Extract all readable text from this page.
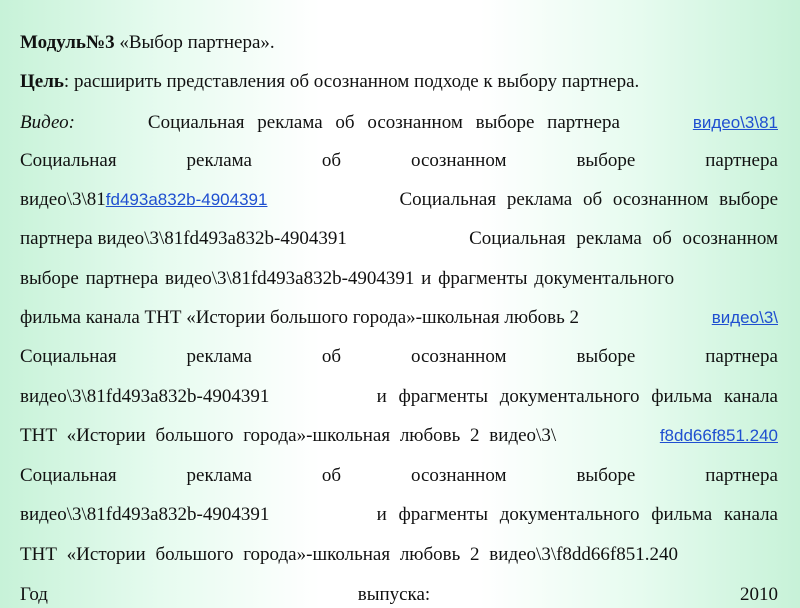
Модуль№3 «Выбор партнера».
Цель: расширить представления об осознанном подходе к выбору партнера.
Видео:	Социальная реклама об осознанном выборе партнера	видео\3\81
Социальная	реклама	об	осознанном	выборе	партнера
видео\3\81fd493a832b-4904391	Социальная реклама об осознанном выборе
партнера видео\3\81fd493a832b-4904391	Социальная реклама об осознанном
выборе партнера видео\3\81fd493a832b-4904391 и фрагменты документального
фильма канала ТНТ «Истории большого города»-школьная любовь 2	видео\3\
Социальная	реклама	об	осознанном	выборе	партнера
видео\3\81fd493a832b-4904391	и фрагменты документального фильма канала
ТНТ «Истории большого города»-школьная любовь 2 видео\3\	f8dd66f851.240
Социальная	реклама	об	осознанном	выборе	партнера
видео\3\81fd493a832b-4904391	и фрагменты документального фильма канала
ТНТ «Истории большого города»-школьная любовь 2 видео\3\f8dd66f851.240
Год	выпуска:	2010
